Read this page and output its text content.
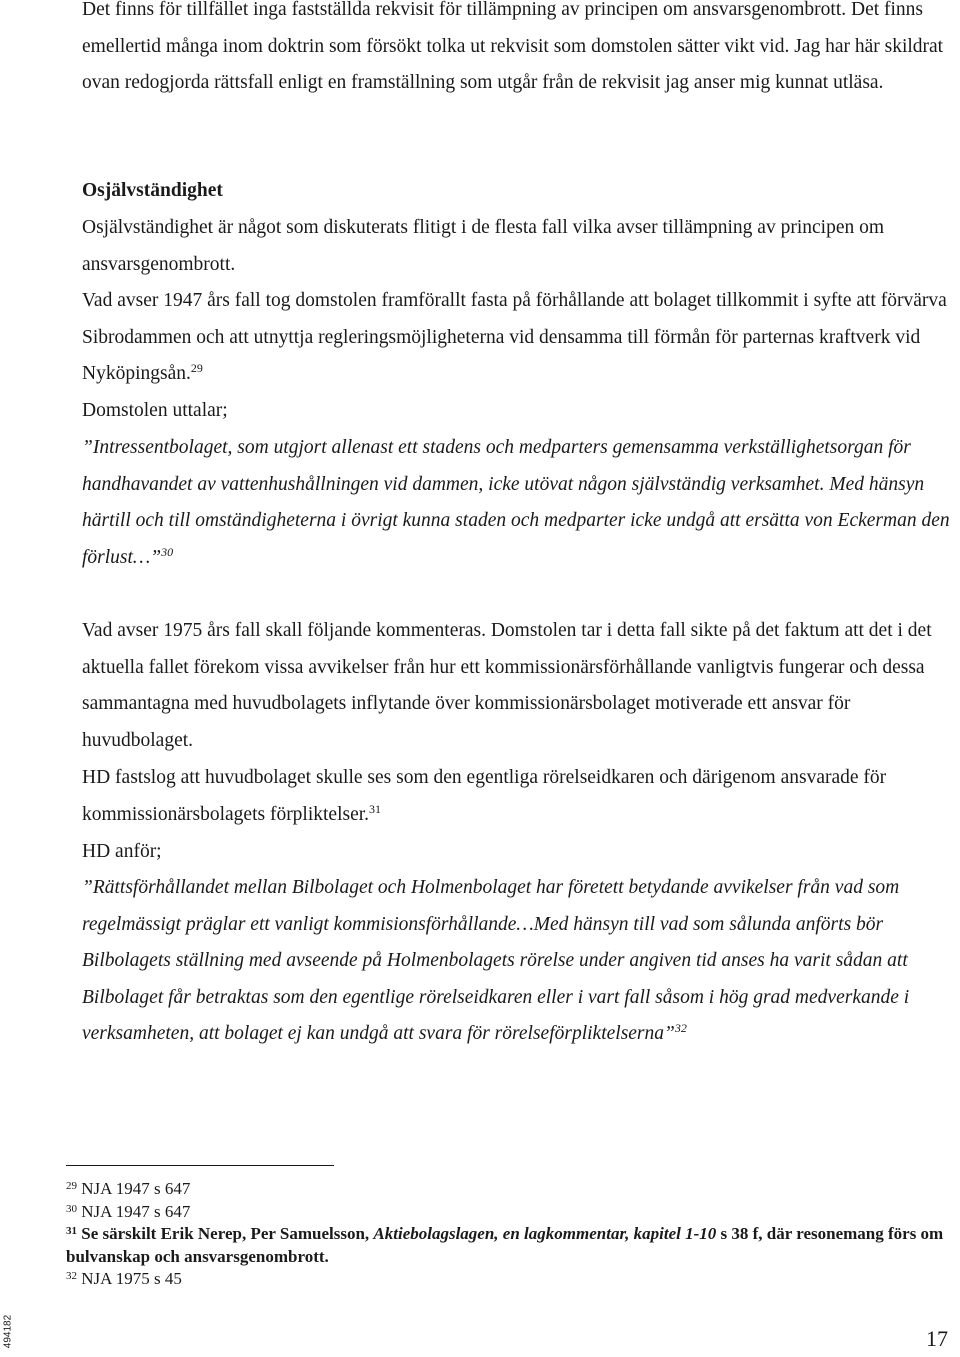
Det finns för tillfället inga fastställda rekvisit för tillämpning av principen om ansvarsgenombrott. Det finns emellertid många inom doktrin som försökt tolka ut rekvisit som domstolen sätter vikt vid. Jag har här skildrat ovan redogjorda rättsfall enligt en framställning som utgår från de rekvisit jag anser mig kunnat utläsa.

Osjälvständighet

Osjälvständighet är något som diskuterats flitigt i de flesta fall vilka avser tillämpning av principen om ansvarsgenombrott.

Vad avser 1947 års fall tog domstolen framförallt fasta på förhållande att bolaget tillkommit i syfte att förvärva Sibrodammen och att utnyttja regleringsmöjligheterna vid densamma till förmån för parternas kraftverk vid Nyköpingsån.$^{29}$

Domstolen uttalar;

”Intressentbolaget, som utgjort allenast ett stadens och medparters gemensamma verkställighetsorgan för handhavandet av vattenhushållningen vid dammen, icke utövat någon självständig verksamhet. Med hänsyn härtill och till omständigheterna i övrigt kunna staden och medparter icke undgå att ersätta von Eckerman den förlust…”$^{30}$

Vad avser 1975 års fall skall följande kommenteras. Domstolen tar i detta fall sikte på det faktum att det i det aktuella fallet förekom vissa avvikelser från hur ett kommissionärsförhållande vanligtvis fungerar och dessa sammantagna med huvudbolagets inflytande över kommissionärsbolaget motiverade ett ansvar för huvudbolaget.

HD fastslog att huvudbolaget skulle ses som den egentliga rörelseidkaren och därigenom ansvarade för kommissionärsbolagets förpliktelser.$^{31}$

HD anför;

”Rättsförhållandet mellan Bilbolaget och Holmenbolaget har företett betydande avvikelser från vad som regelmässigt präglar ett vanligt kommisionsförhållande…Med hänsyn till vad som sålunda anförts bör Bilbolagets ställning med avseende på Holmenbolagets rörelse under angiven tid anses ha varit sådan att Bilbolaget får betraktas som den egentlige rörelseidkaren eller i vart fall såsom i hög grad medverkande i verksamheten, att bolaget ej kan undgå att svara för rörelseförpliktelserna”$^{32}$

$^{29}$ NJA 1947 s 647

$^{30}$ NJA 1947 s 647

$^{31}$ Se särskilt Erik Nerep, Per Samuelsson, Aktiebolagslagen, en lagkommentar, kapitel 1-10 s 38 f, där resonemang förs om bulvanskap och ansvarsgenombrott.

$^{32}$ NJA 1975 s 45

494182	17
